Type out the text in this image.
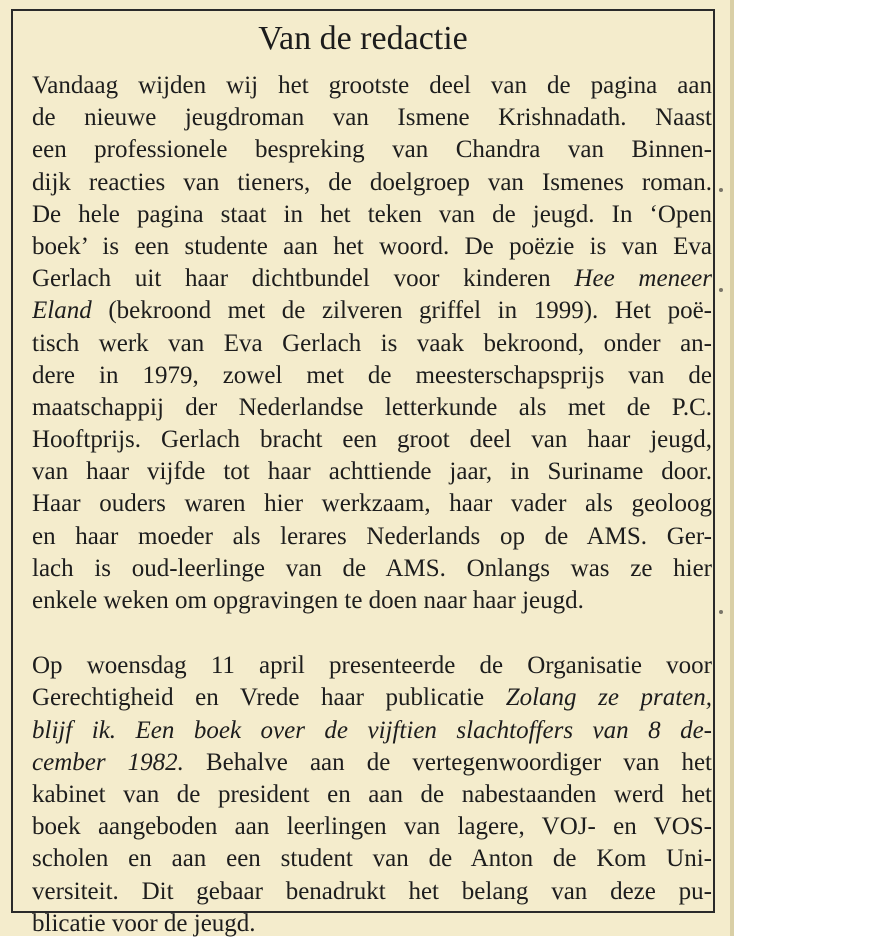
Van de redactie
Vandaag wijden wij het grootste deel van de pagina aan
de nieuwe jeugdroman van Ismene Krishnadath. Naast
een professionele bespreking van Chandra van Binnen-
dijk reacties van tieners, de doelgroep van Ismenes roman.
De hele pagina staat in het teken van de jeugd. In ‘Open
boek’ is een studente aan het woord. De poëzie is van Eva
Gerlach uit haar dichtbundel voor kinderen Hee meneer
Eland (bekroond met de zilveren griffel in 1999). Het poë-
tisch werk van Eva Gerlach is vaak bekroond, onder an-
dere in 1979, zowel met de meesterschapsprijs van de
maatschappij der Nederlandse letterkunde als met de P.C.
Hooftprijs. Gerlach bracht een groot deel van haar jeugd,
van haar vijfde tot haar achttiende jaar, in Suriname door.
Haar ouders waren hier werkzaam, haar vader als geoloog
en haar moeder als lerares Nederlands op de AMS. Ger-
lach is oud-leerlinge van de AMS. Onlangs was ze hier
enkele weken om opgravingen te doen naar haar jeugd.
Op woensdag 11 april presenteerde de Organisatie voor
Gerechtigheid en Vrede haar publicatie Zolang ze praten,
blijf ik. Een boek over de vijftien slachtoffers van 8 de-
cember 1982. Behalve aan de vertegenwoordiger van het
kabinet van de president en aan de nabestaanden werd het
boek aangeboden aan leerlingen van lagere, VOJ- en VOS-
scholen en aan een student van de Anton de Kom Uni-
versiteit. Dit gebaar benadrukt het belang van deze pu-
blicatie voor de jeugd.
